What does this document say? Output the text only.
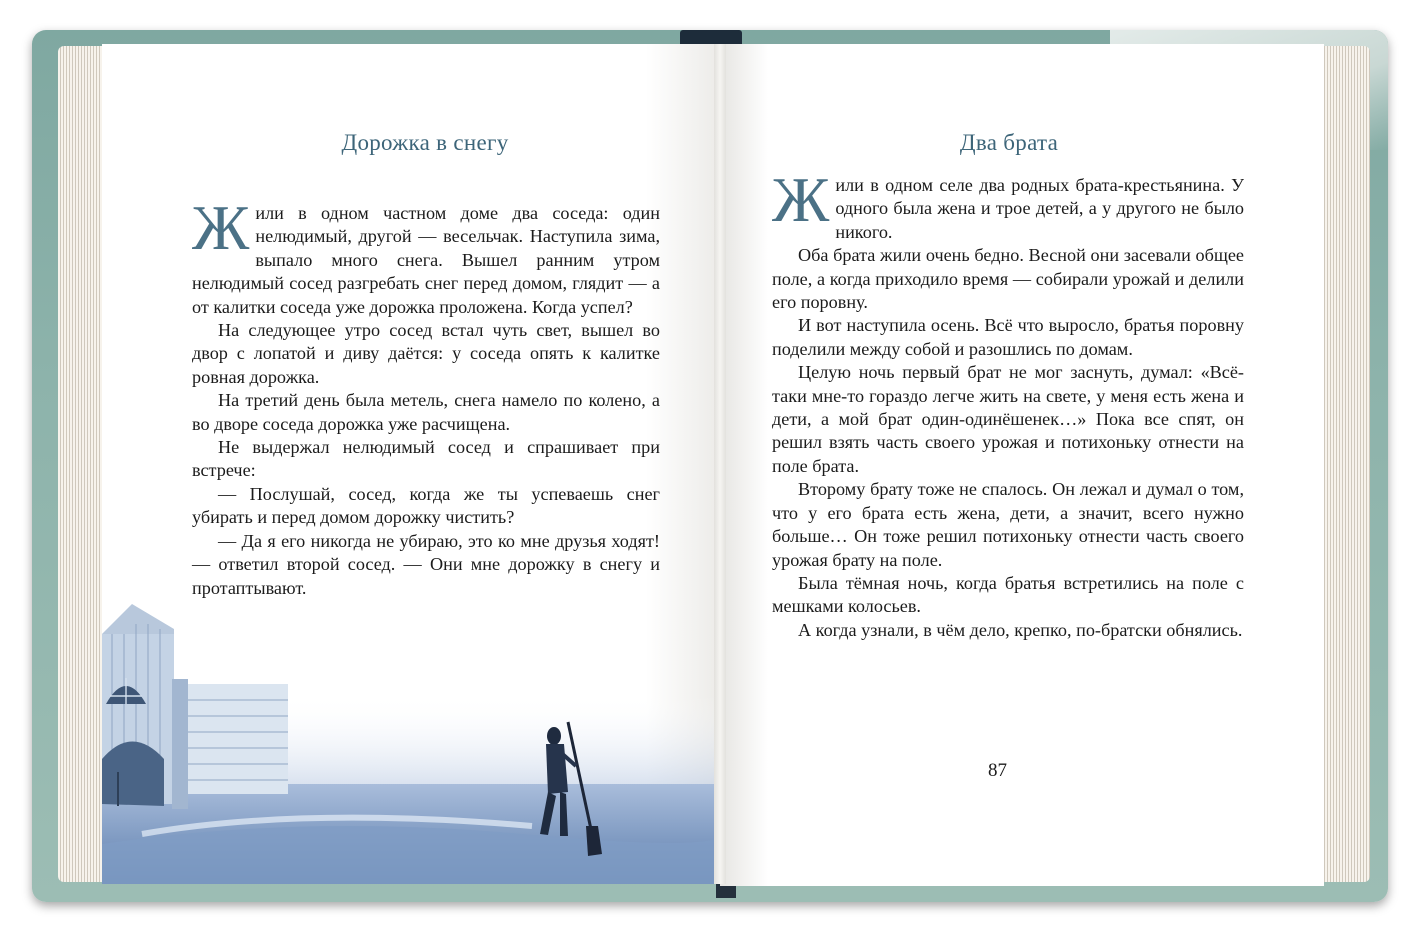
Дорожка в снегу

Жили в одном частном доме два соседа: один нелюдимый, другой — весельчак. Наступила зима, выпало много снега. Вышел ранним утром нелюдимый сосед разгребать снег перед домом, глядит — а от калитки соседа уже дорожка проложена. Когда успел?

На следующее утро сосед встал чуть свет, вышел во двор с лопатой и диву даётся: у соседа опять к калитке ровная дорожка.

На третий день была метель, снега намело по колено, а во дворе соседа дорожка уже расчищена.

Не выдержал нелюдимый сосед и спрашивает при встрече:

— Послушай, сосед, когда же ты успеваешь снег убирать и перед домом дорожку чистить?

— Да я его никогда не убираю, это ко мне друзья ходят! — ответил второй сосед. — Они мне дорожку в снегу и протаптывают.

Два брата

Жили в одном селе два родных брата-крестьянина. У одного была жена и трое детей, а у другого не было никого.

Оба брата жили очень бедно. Весной они засевали общее поле, а когда приходило время — собирали урожай и делили его поровну.

И вот наступила осень. Всё что выросло, братья поровну поделили между собой и разошлись по домам.

Целую ночь первый брат не мог заснуть, думал: «Всё-таки мне-то гораздо легче жить на свете, у меня есть жена и дети, а мой брат один-одинёшенек…» Пока все спят, он решил взять часть своего урожая и потихоньку отнести на поле брата.

Второму брату тоже не спалось. Он лежал и думал о том, что у его брата есть жена, дети, а значит, всего нужно больше… Он тоже решил потихоньку отнести часть своего урожая брату на поле.

Была тёмная ночь, когда братья встретились на поле с мешками колосьев.

А когда узнали, в чём дело, крепко, по-братски обнялись.

87
